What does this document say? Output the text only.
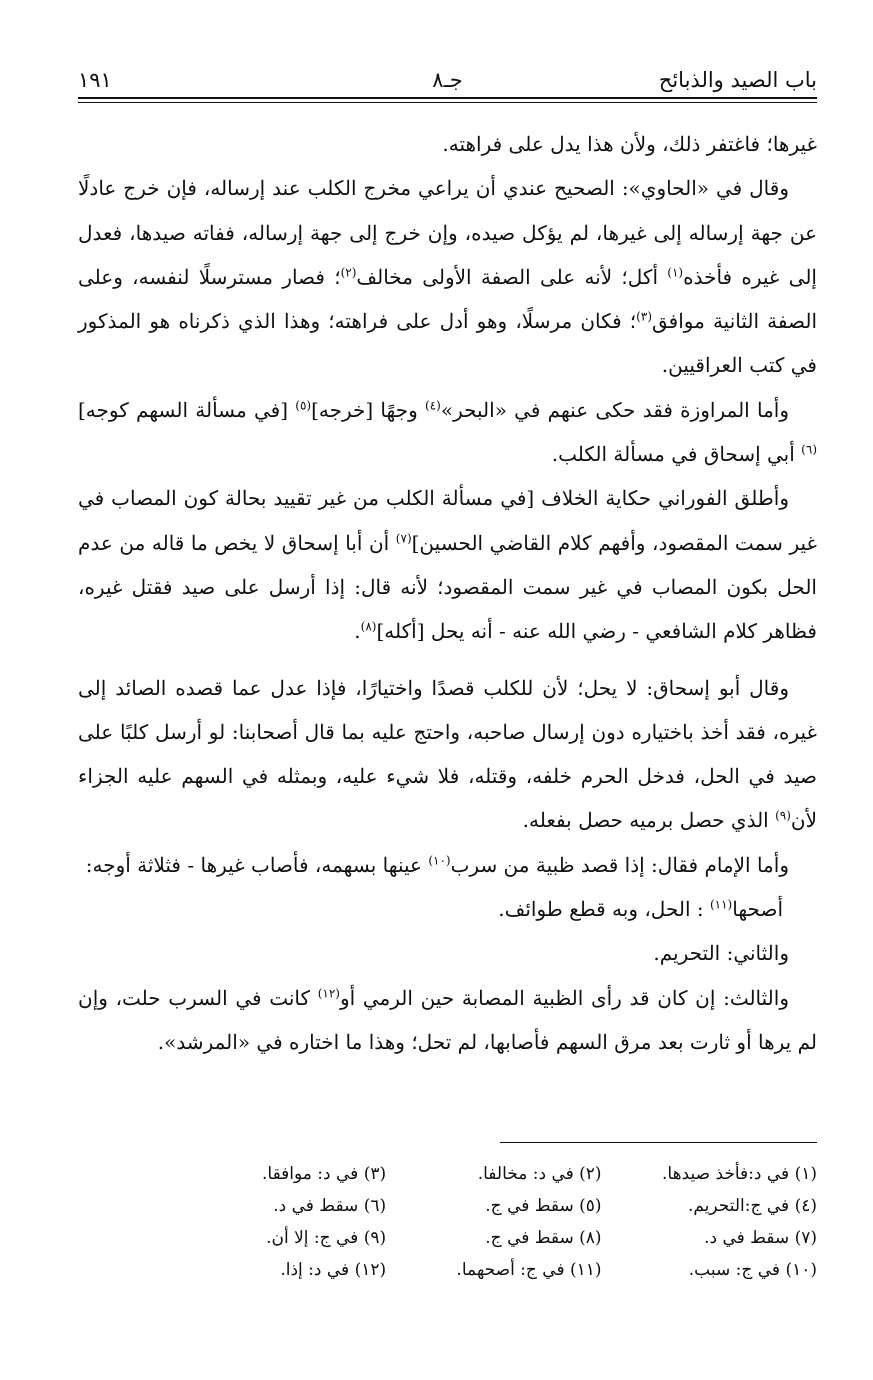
باب الصيد والذبائح
جـ٨
١٩١

غيرها؛ فاغتفر ذلك، ولأن هذا يدل على فراهته.

وقال في «الحاوي»: الصحيح عندي أن يراعي مخرج الكلب عند إرساله، فإن خرج عادلًا عن جهة إرساله إلى غيرها، لم يؤكل صيده، وإن خرج إلى جهة إرساله، ففاته صيدها، فعدل إلى غيره فأخذه$^{(١)}$ أكل؛ لأنه على الصفة الأولى مخالف$^{(٢)}$؛ فصار مسترسلًا لنفسه، وعلى الصفة الثانية موافق$^{(٣)}$؛ فكان مرسلًا، وهو أدل على فراهته؛ وهذا الذي ذكرناه هو المذكور في كتب العراقيين.

وأما المراوزة فقد حكى عنهم في «البحر»$^{(٤)}$ وجهًا [خرجه]$^{(٥)}$ [في مسألة السهم كوجه]$^{(٦)}$ أبي إسحاق في مسألة الكلب.

وأطلق الفوراني حكاية الخلاف [في مسألة الكلب من غير تقييد بحالة كون المصاب في غير سمت المقصود، وأفهم كلام القاضي الحسين]$^{(٧)}$ أن أبا إسحاق لا يخص ما قاله من عدم الحل بكون المصاب في غير سمت المقصود؛ لأنه قال: إذا أرسل على صيد فقتل غيره، فظاهر كلام الشافعي - رضي الله عنه - أنه يحل [أكله]$^{(٨)}$.

وقال أبو إسحاق: لا يحل؛ لأن للكلب قصدًا واختيارًا، فإذا عدل عما قصده الصائد إلى غيره، فقد أخذ باختياره دون إرسال صاحبه، واحتج عليه بما قال أصحابنا: لو أرسل كلبًا على صيد في الحل، فدخل الحرم خلفه، وقتله، فلا شيء عليه، وبمثله في السهم عليه الجزاء لأن$^{(٩)}$ الذي حصل برميه حصل بفعله.

وأما الإمام فقال: إذا قصد ظبية من سرب$^{(١٠)}$ عينها بسهمه، فأصاب غيرها - فثلاثة أوجه:

أصحها$^{(١١)}$ : الحل، وبه قطع طوائف.

والثاني: التحريم.

والثالث: إن كان قد رأى الظبية المصابة حين الرمي أو$^{(١٢)}$ كانت في السرب حلت، وإن لم يرها أو ثارت بعد مرق السهم فأصابها، لم تحل؛ وهذا ما اختاره في «المرشد».

(١) في د:فأخذ صيدها.
(٢) في د: مخالفا.
(٣) في د: موافقا.
(٤) في ج:التحريم.
(٥) سقط في ج.
(٦) سقط في د.
(٧) سقط في د.
(٨) سقط في ج.
(٩) في ج: إلا أن.
(١٠) في ج: سبب.
(١١) في ج: أصحهما.
(١٢) في د: إذا.
